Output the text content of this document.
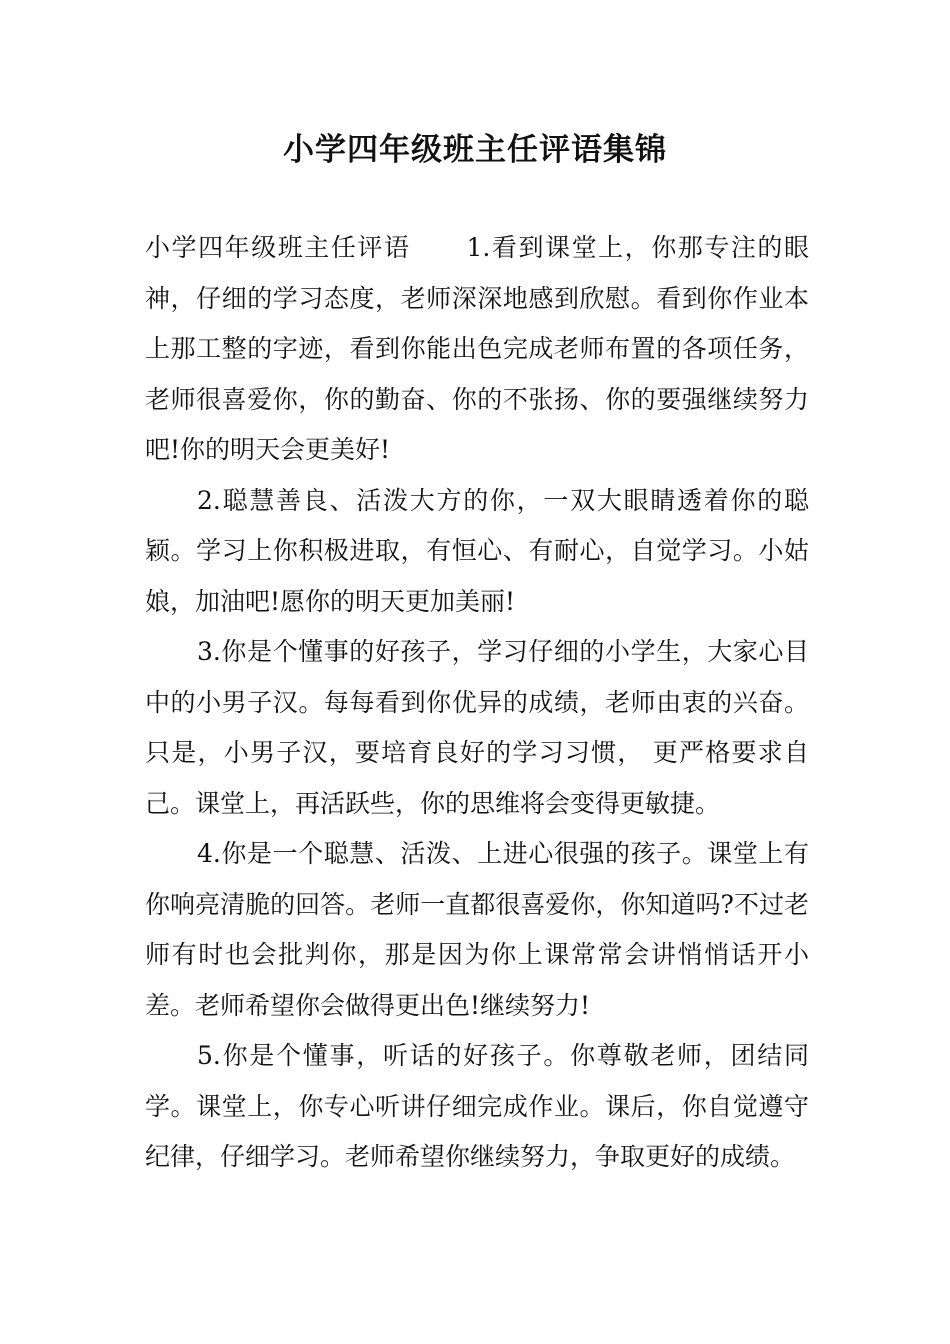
小学四年级班主任评语集锦

小学四年级班主任评语 1.看到课堂上，你那专注的眼神，仔细的学习态度，老师深深地感到欣慰。看到你作业本上那工整的字迹，看到你能出色完成老师布置的各项任务，老师很喜爱你，你的勤奋、你的不张扬、你的要强继续努力吧!你的明天会更美好!

2.聪慧善良、活泼大方的你，一双大眼睛透着你的聪颖。学习上你积极进取，有恒心、有耐心，自觉学习。小姑娘，加油吧!愿你的明天更加美丽!

3.你是个懂事的好孩子，学习仔细的小学生，大家心目中的小男子汉。每每看到你优异的成绩，老师由衷的兴奋。只是，小男子汉，要培育良好的学习习惯， 更严格要求自己。课堂上，再活跃些，你的思维将会变得更敏捷。

4.你是一个聪慧、活泼、上进心很强的孩子。课堂上有你响亮清脆的回答。老师一直都很喜爱你，你知道吗?不过老师有时也会批判你，那是因为你上课常常会讲悄悄话开小差。老师希望你会做得更出色!继续努力!

5.你是个懂事，听话的好孩子。你尊敬老师，团结同学。课堂上，你专心听讲仔细完成作业。课后，你自觉遵守纪律，仔细学习。老师希望你继续努力，争取更好的成绩。
